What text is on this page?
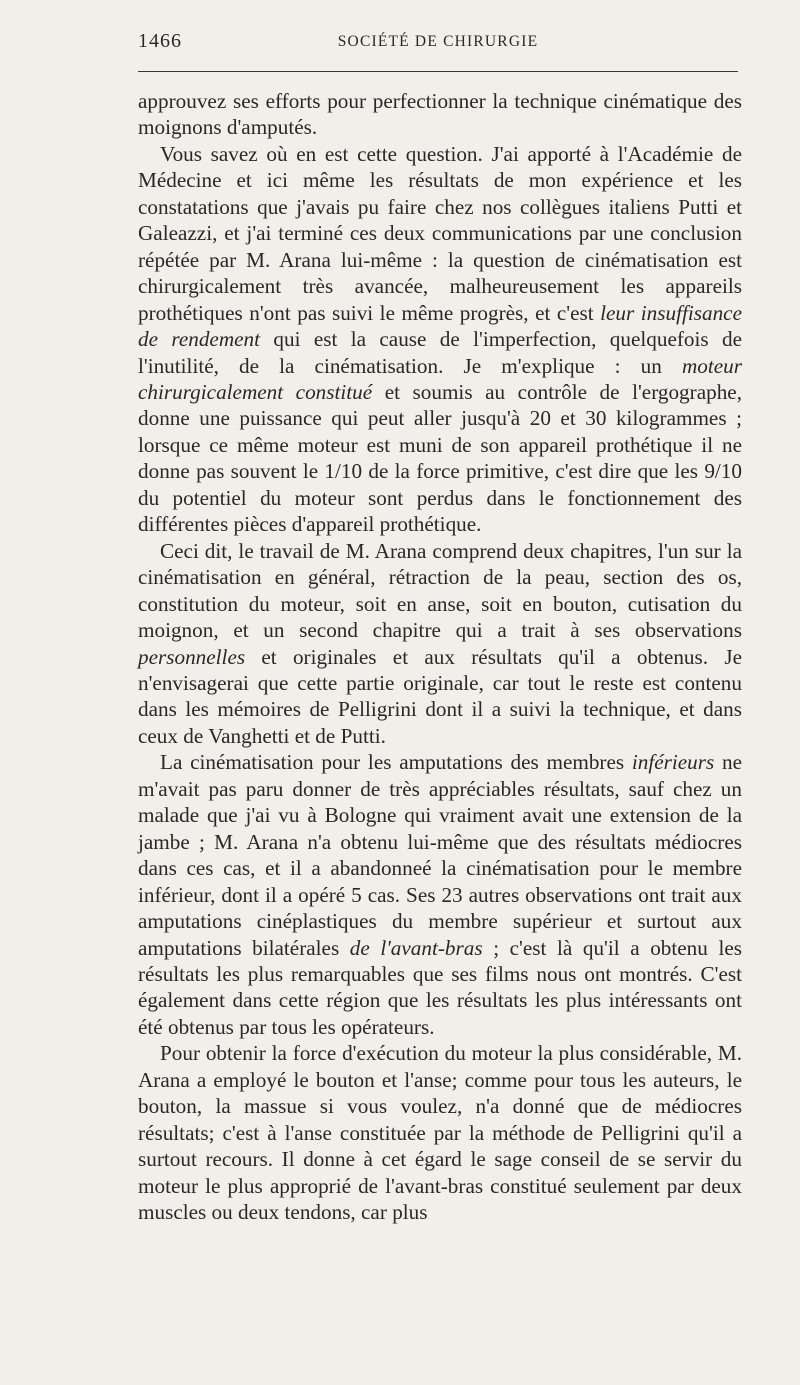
1466	SOCIÉTÉ DE CHIRURGIE

approuvez ses efforts pour perfectionner la technique cinématique des moignons d'amputés.

Vous savez où en est cette question. J'ai apporté à l'Académie de Médecine et ici même les résultats de mon expérience et les constatations que j'avais pu faire chez nos collègues italiens Putti et Galeazzi, et j'ai terminé ces deux communications par une conclusion répétée par M. Arana lui-même : la question de cinématisation est chirurgicalement très avancée, malheureusement les appareils prothétiques n'ont pas suivi le même progrès, et c'est leur insuffisance de rendement qui est la cause de l'imperfection, quelquefois de l'inutilité, de la cinématisation. Je m'explique : un moteur chirurgicalement constitué et soumis au contrôle de l'ergographe, donne une puissance qui peut aller jusqu'à 20 et 30 kilogrammes ; lorsque ce même moteur est muni de son appareil prothétique il ne donne pas souvent le 1/10 de la force primitive, c'est dire que les 9/10 du potentiel du moteur sont perdus dans le fonctionnement des différentes pièces d'appareil prothétique.

Ceci dit, le travail de M. Arana comprend deux chapitres, l'un sur la cinématisation en général, rétraction de la peau, section des os, constitution du moteur, soit en anse, soit en bouton, cutisation du moignon, et un second chapitre qui a trait à ses observations personnelles et originales et aux résultats qu'il a obtenus. Je n'envisagerai que cette partie originale, car tout le reste est contenu dans les mémoires de Pelligrini dont il a suivi la technique, et dans ceux de Vanghetti et de Putti.

La cinématisation pour les amputations des membres inférieurs ne m'avait pas paru donner de très appréciables résultats, sauf chez un malade que j'ai vu à Bologne qui vraiment avait une extension de la jambe ; M. Arana n'a obtenu lui-même que des résultats médiocres dans ces cas, et il a abandonneé la cinématisation pour le membre inférieur, dont il a opéré 5 cas. Ses 23 autres observations ont trait aux amputations cinéplastiques du membre supérieur et surtout aux amputations bilatérales de l'avant-bras ; c'est là qu'il a obtenu les résultats les plus remarquables que ses films nous ont montrés. C'est également dans cette région que les résultats les plus intéressants ont été obtenus par tous les opérateurs.

Pour obtenir la force d'exécution du moteur la plus considérable, M. Arana a employé le bouton et l'anse; comme pour tous les auteurs, le bouton, la massue si vous voulez, n'a donné que de médiocres résultats; c'est à l'anse constituée par la méthode de Pelligrini qu'il a surtout recours. Il donne à cet égard le sage conseil de se servir du moteur le plus approprié de l'avant-bras constitué seulement par deux muscles ou deux tendons, car plus
